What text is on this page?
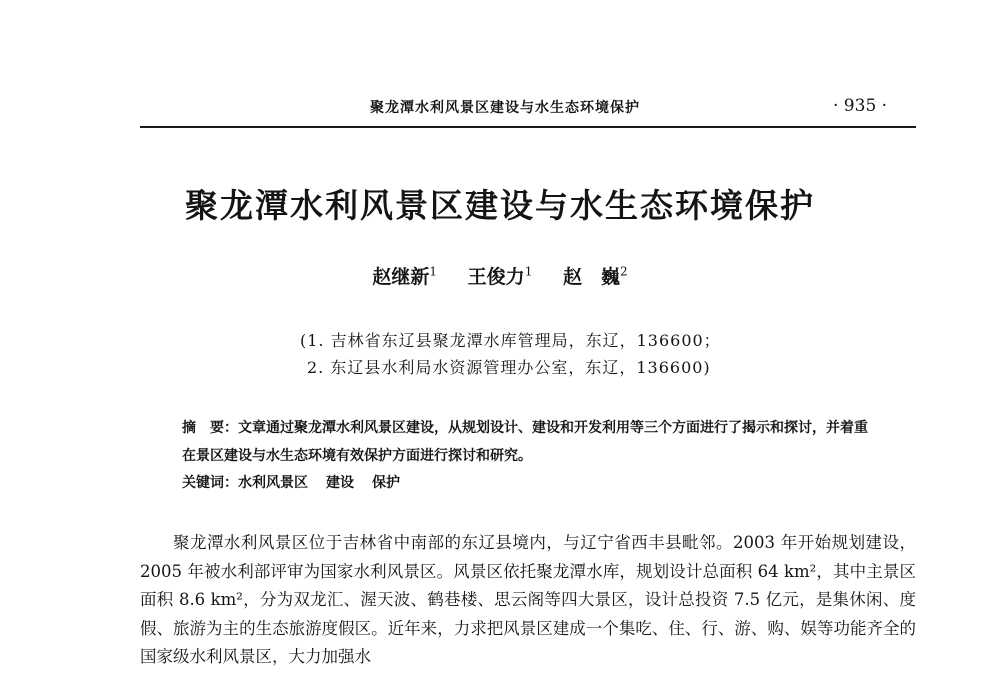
聚龙潭水利风景区建设与水生态环境保护	· 935 ·
聚龙潭水利风景区建设与水生态环境保护
赵继新$^1$ 王俊力$^1$ 赵　巍$^2$
(1. 吉林省东辽县聚龙潭水库管理局，东辽，136600；
2. 东辽县水利局水资源管理办公室，东辽，136600)
摘　要：文章通过聚龙潭水利风景区建设，从规划设计、建设和开发利用等三个方面进行了揭示和探讨，并着重在景区建设与水生态环境有效保护方面进行探讨和研究。
关键词：水利风景区 建设 保护

聚龙潭水利风景区位于吉林省中南部的东辽县境内，与辽宁省西丰县毗邻。2003 年开始规划建设，2005 年被水利部评审为国家水利风景区。风景区依托聚龙潭水库，规划设计总面积 64 km²，其中主景区面积 8.6 km²，分为双龙汇、渥天波、鹤巷楼、思云阁等四大景区，设计总投资 7.5 亿元，是集休闲、度假、旅游为主的生态旅游度假区。近年来，力求把风景区建成一个集吃、住、行、游、购、娱等功能齐全的国家级水利风景区，大力加强水
